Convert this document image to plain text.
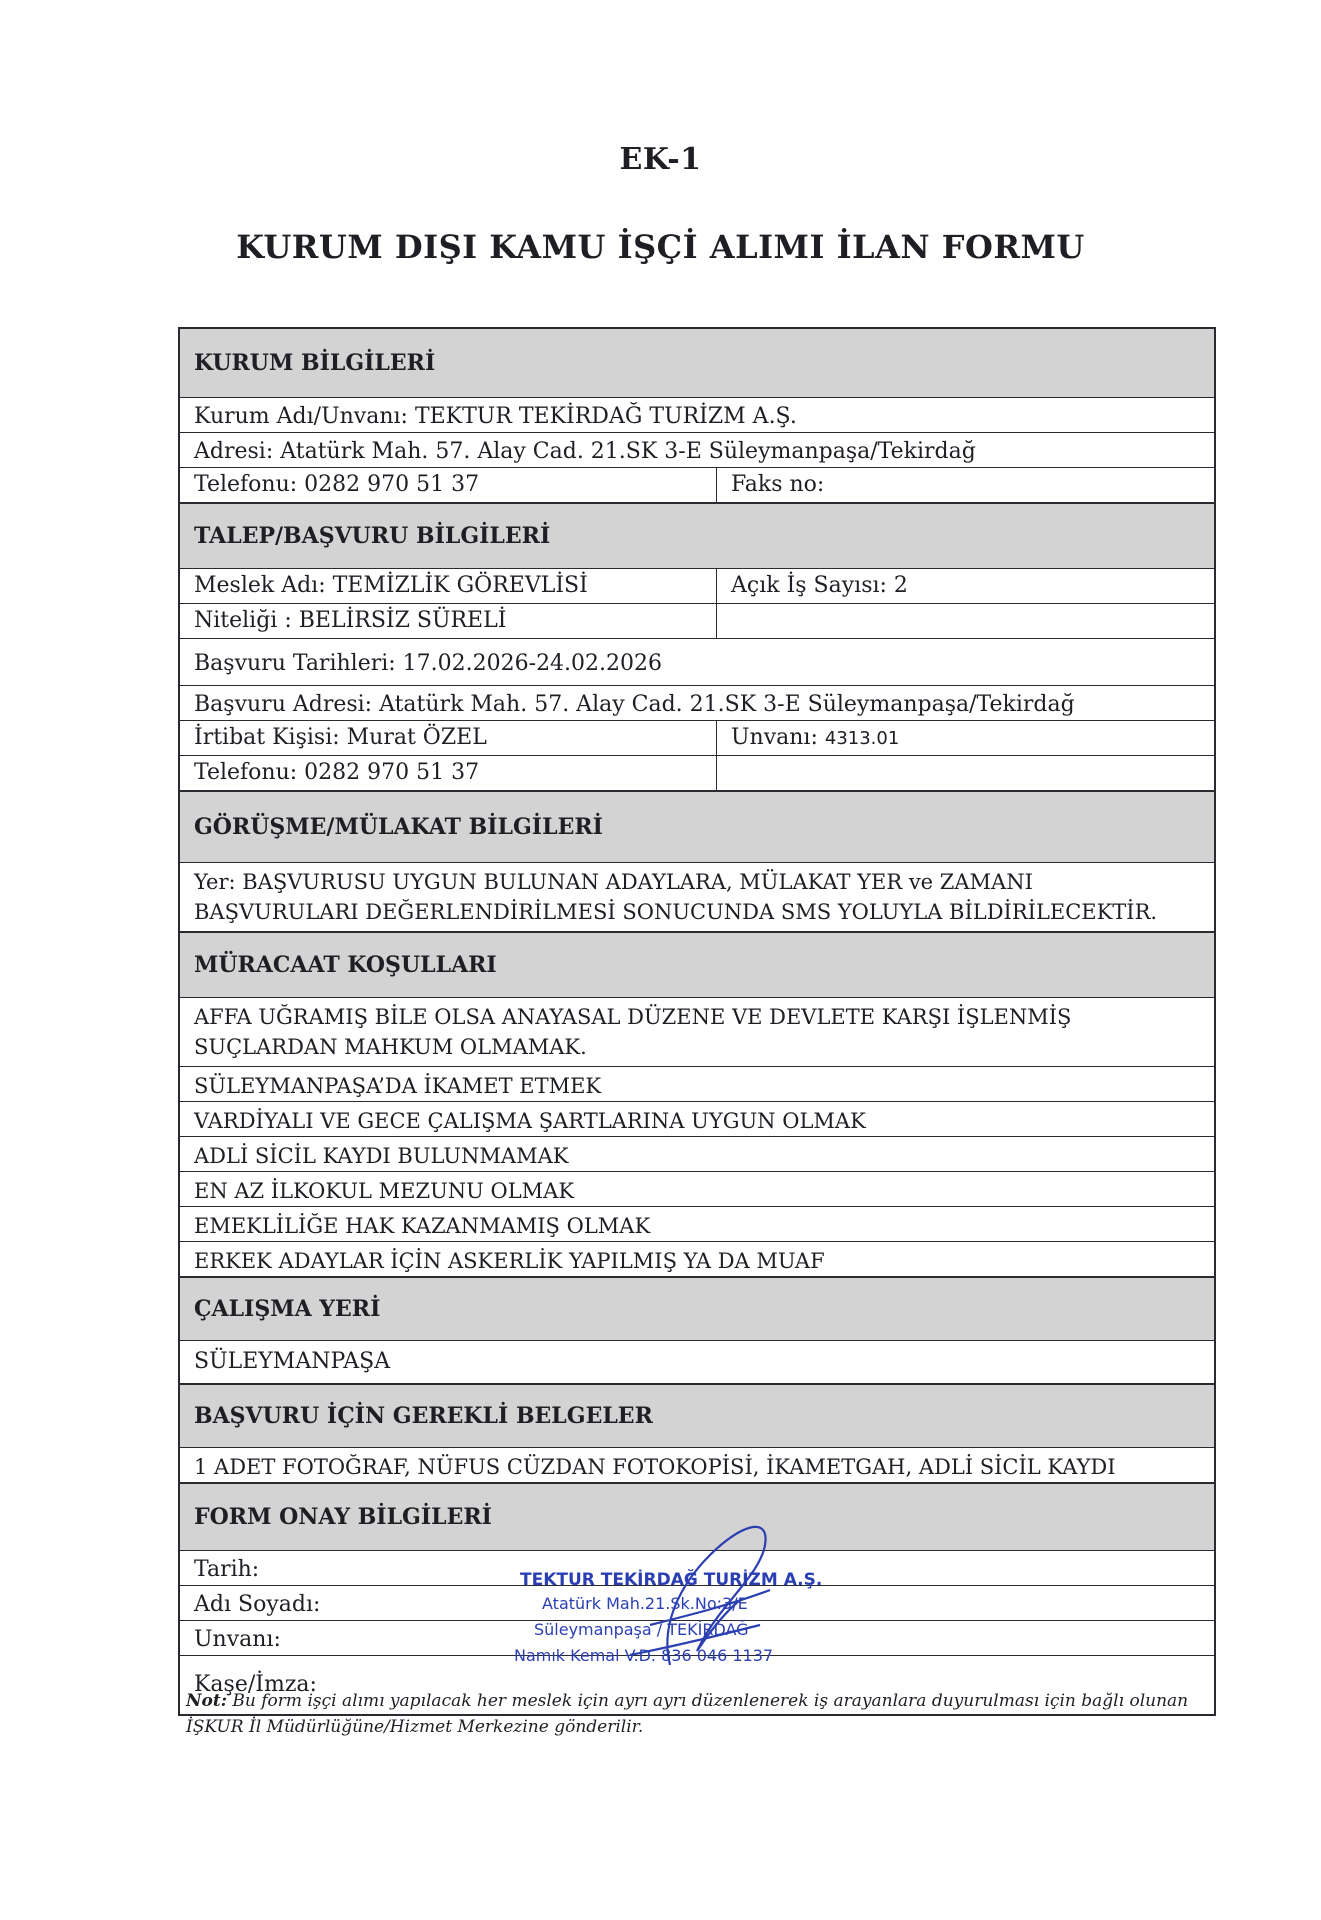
EK-1
KURUM DIŞI KAMU İŞÇİ ALIMI İLAN FORMU
KURUM BİLGİLERİ
Kurum Adı/Unvanı: TEKTUR TEKİRDAĞ TURİZM A.Ş.
Adresi: Atatürk Mah. 57. Alay Cad. 21.SK 3-E Süleymanpaşa/Tekirdağ
Telefonu: 0282 970 51 37	Faks no:
TALEP/BAŞVURU BİLGİLERİ
Meslek Adı: TEMİZLİK GÖREVLİSİ	Açık İş Sayısı: 2
Niteliği : BELİRSİZ SÜRELİ
Başvuru Tarihleri: 17.02.2026-24.02.2026
Başvuru Adresi: Atatürk Mah. 57. Alay Cad. 21.SK 3-E Süleymanpaşa/Tekirdağ
İrtibat Kişisi: Murat ÖZEL	Unvanı: 4313.01
Telefonu: 0282 970 51 37
GÖRÜŞME/MÜLAKAT BİLGİLERİ
Yer: BAŞVURUSU UYGUN BULUNAN ADAYLARA, MÜLAKAT YER ve ZAMANI BAŞVURULARI DEĞERLENDİRİLMESİ SONUCUNDA SMS YOLUYLA BİLDİRİLECEKTİR.
MÜRACAAT KOŞULLARI
AFFA UĞRAMIŞ BİLE OLSA ANAYASAL DÜZENE VE DEVLETE KARŞI İŞLENMİŞ SUÇLARDAN MAHKUM OLMAMAK.
SÜLEYMANPAŞA’DA İKAMET ETMEK
VARDİYALI VE GECE ÇALIŞMA ŞARTLARINA UYGUN OLMAK
ADLİ SİCİL KAYDI BULUNMAMAK
EN AZ İLKOKUL MEZUNU OLMAK
EMEKLİLİĞE HAK KAZANMAMIŞ OLMAK
ERKEK ADAYLAR İÇİN ASKERLİK YAPILMIŞ YA DA MUAF
ÇALIŞMA YERİ
SÜLEYMANPAŞA
BAŞVURU İÇİN GEREKLİ BELGELER
1 ADET FOTOĞRAF, NÜFUS CÜZDAN FOTOKOPİSİ, İKAMETGAH, ADLİ SİCİL KAYDI
FORM ONAY BİLGİLERİ
Tarih:
Adı Soyadı:
Unvanı:
Kaşe/İmza:
TEKTUR TEKİRDAĞ TURİZM A.Ş.
Atatürk Mah.21.Sk.No:3/E
Süleymanpaşa / TEKİRDAĞ
Namık Kemal V.D. 836 046 1137
Not: Bu form işçi alımı yapılacak her meslek için ayrı ayrı düzenlenerek iş arayanlara duyurulması için bağlı olunan İŞKUR İl Müdürlüğüne/Hizmet Merkezine gönderilir.
